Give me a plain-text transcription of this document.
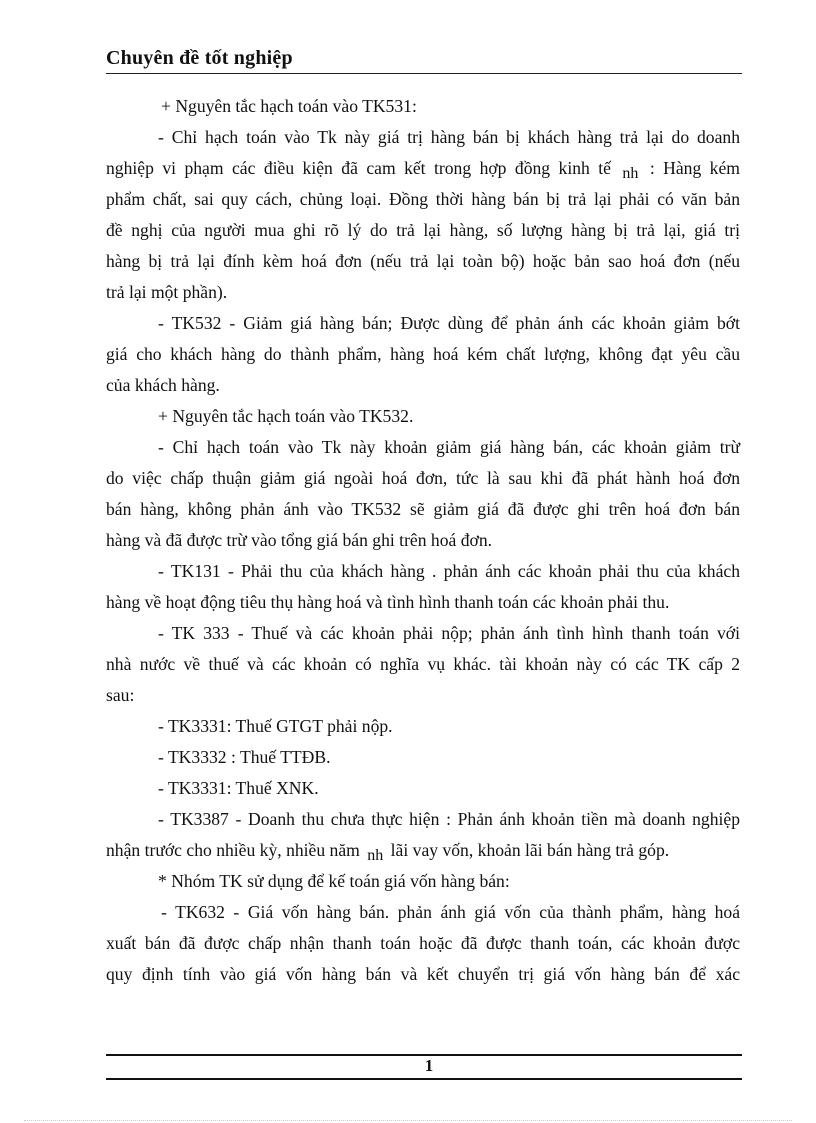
Chuyên đề tốt nghiệp
+ Nguyên tắc hạch toán vào TK531:
- Chỉ hạch toán vào Tk này giá trị hàng bán bị khách hàng trả lại do doanh
nghiệp vi phạm các điều kiện đã cam kết trong hợp đồng kinh tế nh : Hàng kém
phẩm chất, sai quy cách, chủng loại. Đồng thời hàng bán bị trả lại phải có văn bản
đề nghị của người mua ghi rõ lý do trả lại hàng, số lượng hàng bị trả lại, giá trị
hàng bị trả lại đính kèm hoá đơn (nếu trả lại toàn bộ) hoặc bản sao hoá đơn (nếu
trả lại một phần).
- TK532 - Giảm giá hàng bán; Được dùng để phản ánh các khoản giảm bớt
giá cho khách hàng do thành phẩm, hàng hoá kém chất lượng, không đạt yêu cầu
của khách hàng.
+ Nguyên tắc hạch toán vào TK532.
- Chỉ hạch toán vào Tk này khoản giảm giá hàng bán, các khoản giảm trừ
do việc chấp thuận giảm giá ngoài hoá đơn, tức là sau khi đã phát hành hoá đơn
bán hàng, không phản ánh vào TK532 sẽ giảm giá đã được ghi trên hoá đơn bán
hàng và đã được trừ vào tổng giá bán ghi trên hoá đơn.
- TK131 - Phải thu của khách hàng . phản ánh các khoản phải thu của khách
hàng về hoạt động tiêu thụ hàng hoá và tình hình thanh toán các khoản phải thu.
- TK 333 - Thuế và các khoản phải nộp; phản ánh tình hình thanh toán với
nhà nước về thuế và các khoản có nghĩa vụ khác. tài khoản này có các TK cấp 2
sau:
- TK3331: Thuế GTGT phải nộp.
- TK3332 : Thuế TTĐB.
- TK3331: Thuế XNK.
- TK3387 - Doanh thu chưa thực hiện : Phản ánh khoản tiền mà doanh nghiệp
nhận trước cho nhiều kỳ, nhiều năm nh lãi vay vốn, khoản lãi bán hàng trả góp.
* Nhóm TK sử dụng để kế toán giá vốn hàng bán:
- TK632 - Giá vốn hàng bán. phản ánh giá vốn của thành phẩm, hàng hoá
xuất bán đã được chấp nhận thanh toán hoặc đã được thanh toán, các khoản được
quy định tính vào giá vốn hàng bán và kết chuyển trị giá vốn hàng bán để xác
1
